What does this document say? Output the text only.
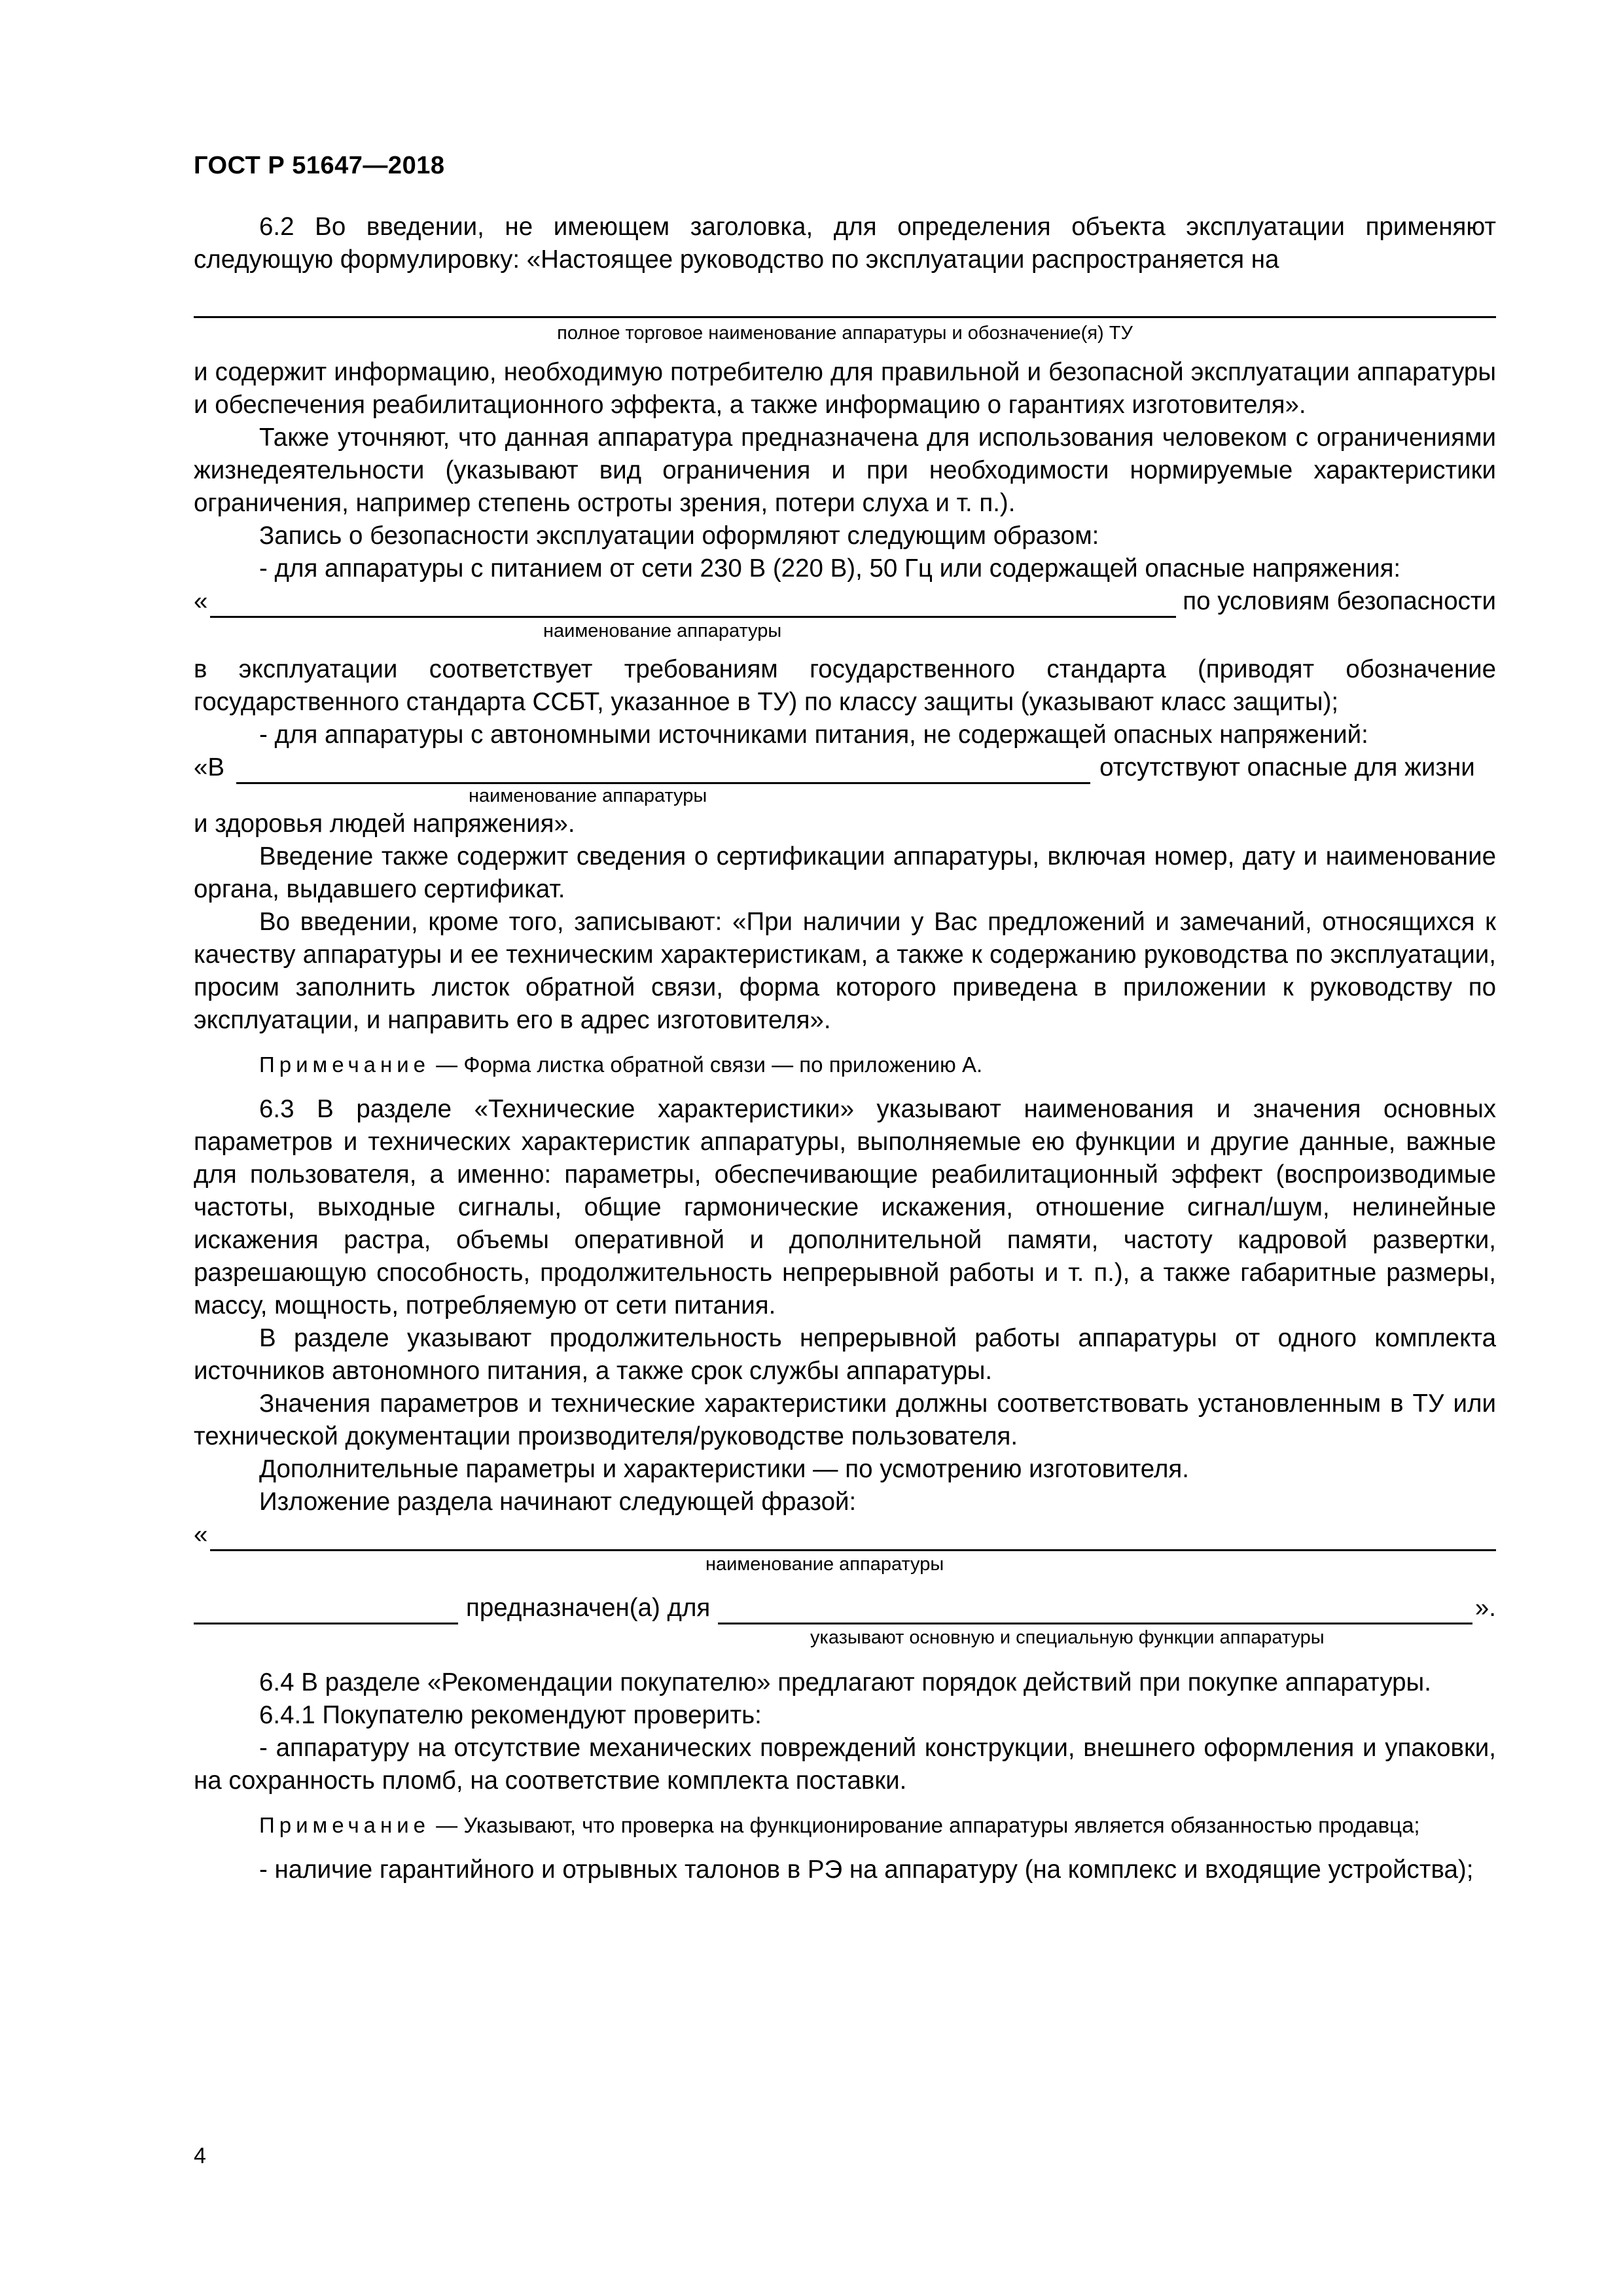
ГОСТ Р 51647—2018

6.2 Во введении, не имеющем заголовка, для определения объекта эксплуатации применяют следующую формулировку: «Настоящее руководство по эксплуатации распространяется на

полное торговое наименование аппаратуры и обозначение(я) ТУ

и содержит информацию, необходимую потребителю для правильной и безопасной эксплуатации аппаратуры и обеспечения реабилитационного эффекта, а также информацию о гарантиях изготовителя».

Также уточняют, что данная аппаратура предназначена для использования человеком с ограничениями жизнедеятельности (указывают вид ограничения и при необходимости нормируемые характеристики ограничения, например степень остроты зрения, потери слуха и т. п.).

Запись о безопасности эксплуатации оформляют следующим образом:

- для аппаратуры с питанием от сети 230 В (220 В), 50 Гц или содержащей опасные напряжения:

«	по условиям безопасности
наименование аппаратуры

в эксплуатации соответствует требованиям государственного стандарта (приводят обозначение государственного стандарта ССБТ, указанное в ТУ) по классу защиты (указывают класс защиты);

- для аппаратуры с автономными источниками питания, не содержащей опасных напряжений:

«В	отсутствуют опасные для жизни
наименование аппаратуры

и здоровья людей напряжения».

Введение также содержит сведения о сертификации аппаратуры, включая номер, дату и наименование органа, выдавшего сертификат.

Во введении, кроме того, записывают: «При наличии у Вас предложений и замечаний, относящихся к качеству аппаратуры и ее техническим характеристикам, а также к содержанию руководства по эксплуатации, просим заполнить листок обратной связи, форма которого приведена в приложении к руководству по эксплуатации, и направить его в адрес изготовителя».

Примечание — Форма листка обратной связи — по приложению А.

6.3 В разделе «Технические характеристики» указывают наименования и значения основных параметров и технических характеристик аппаратуры, выполняемые ею функции и другие данные, важные для пользователя, а именно: параметры, обеспечивающие реабилитационный эффект (воспроизводимые частоты, выходные сигналы, общие гармонические искажения, отношение сигнал/шум, нелинейные искажения растра, объемы оперативной и дополнительной памяти, частоту кадровой развертки, разрешающую способность, продолжительность непрерывной работы и т. п.), а также габаритные размеры, массу, мощность, потребляемую от сети питания.

В разделе указывают продолжительность непрерывной работы аппаратуры от одного комплекта источников автономного питания, а также срок службы аппаратуры.

Значения параметров и технические характеристики должны соответствовать установленным в ТУ или технической документации производителя/руководстве пользователя.

Дополнительные параметры и характеристики — по усмотрению изготовителя.

Изложение раздела начинают следующей фразой:

«
наименование аппаратуры
предназначен(а) для	».
указывают основную и специальную функции аппаратуры

6.4 В разделе «Рекомендации покупателю» предлагают порядок действий при покупке аппаратуры.

6.4.1 Покупателю рекомендуют проверить:

- аппаратуру на отсутствие механических повреждений конструкции, внешнего оформления и упаковки, на сохранность пломб, на соответствие комплекта поставки.

Примечание — Указывают, что проверка на функционирование аппаратуры является обязанностью продавца;

- наличие гарантийного и отрывных талонов в РЭ на аппаратуру (на комплекс и входящие устройства);

4
